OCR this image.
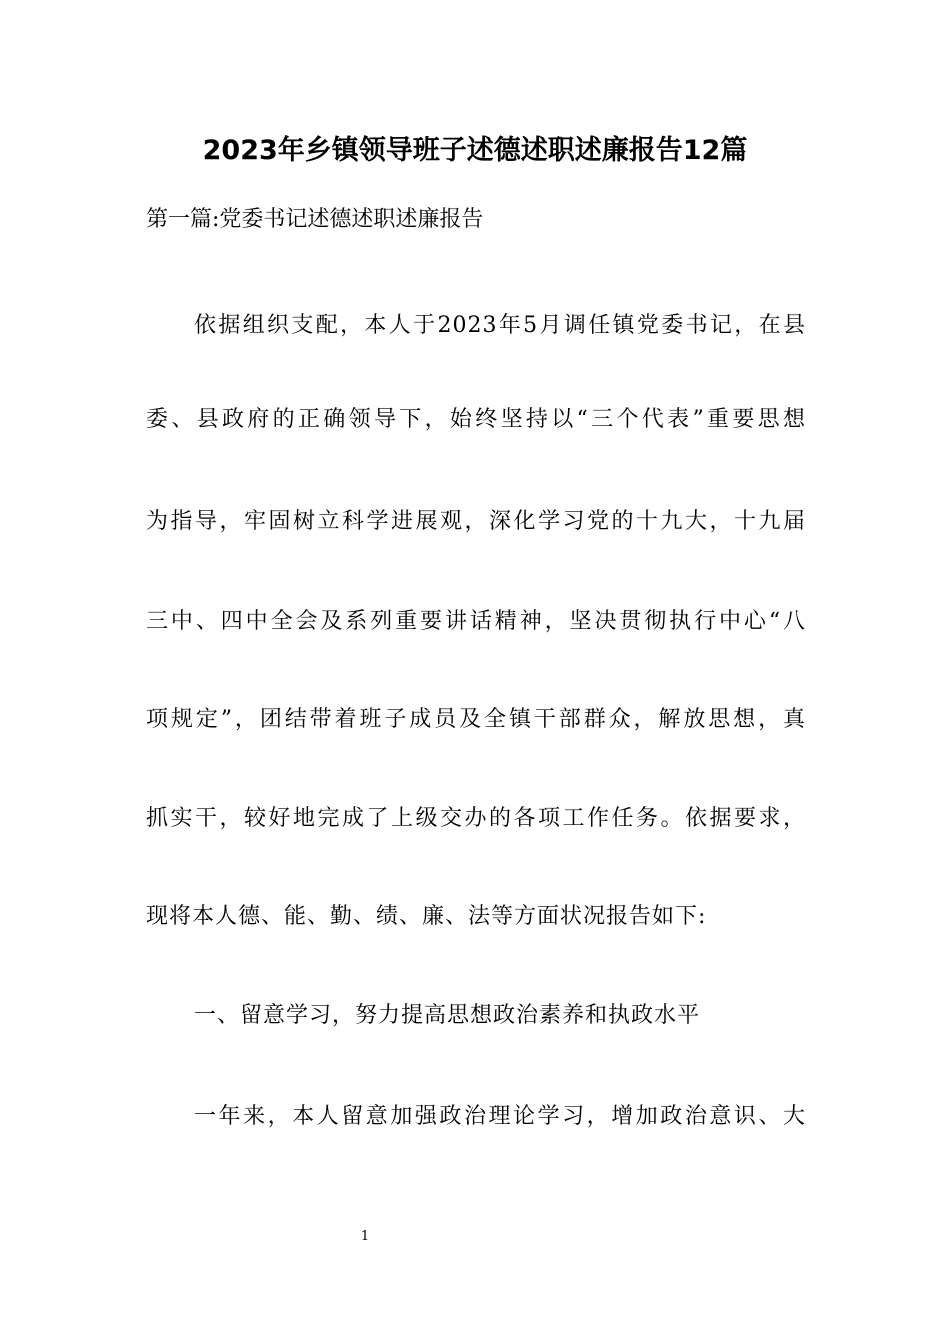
2023年乡镇领导班子述德述职述廉报告12篇
第一篇:党委书记述德述职述廉报告
依据组织支配，本人于2023年5月调任镇党委书记，在县
委、县政府的正确领导下，始终坚持以“三个代表”重要思想
为指导，牢固树立科学进展观，深化学习党的十九大，十九届
三中、四中全会及系列重要讲话精神，坚决贯彻执行中心“八
项规定”，团结带着班子成员及全镇干部群众，解放思想，真
抓实干，较好地完成了上级交办的各项工作任务。依据要求，
现将本人德、能、勤、绩、廉、法等方面状况报告如下:
一、留意学习，努力提高思想政治素养和执政水平
一年来，本人留意加强政治理论学习，增加政治意识、大
1
